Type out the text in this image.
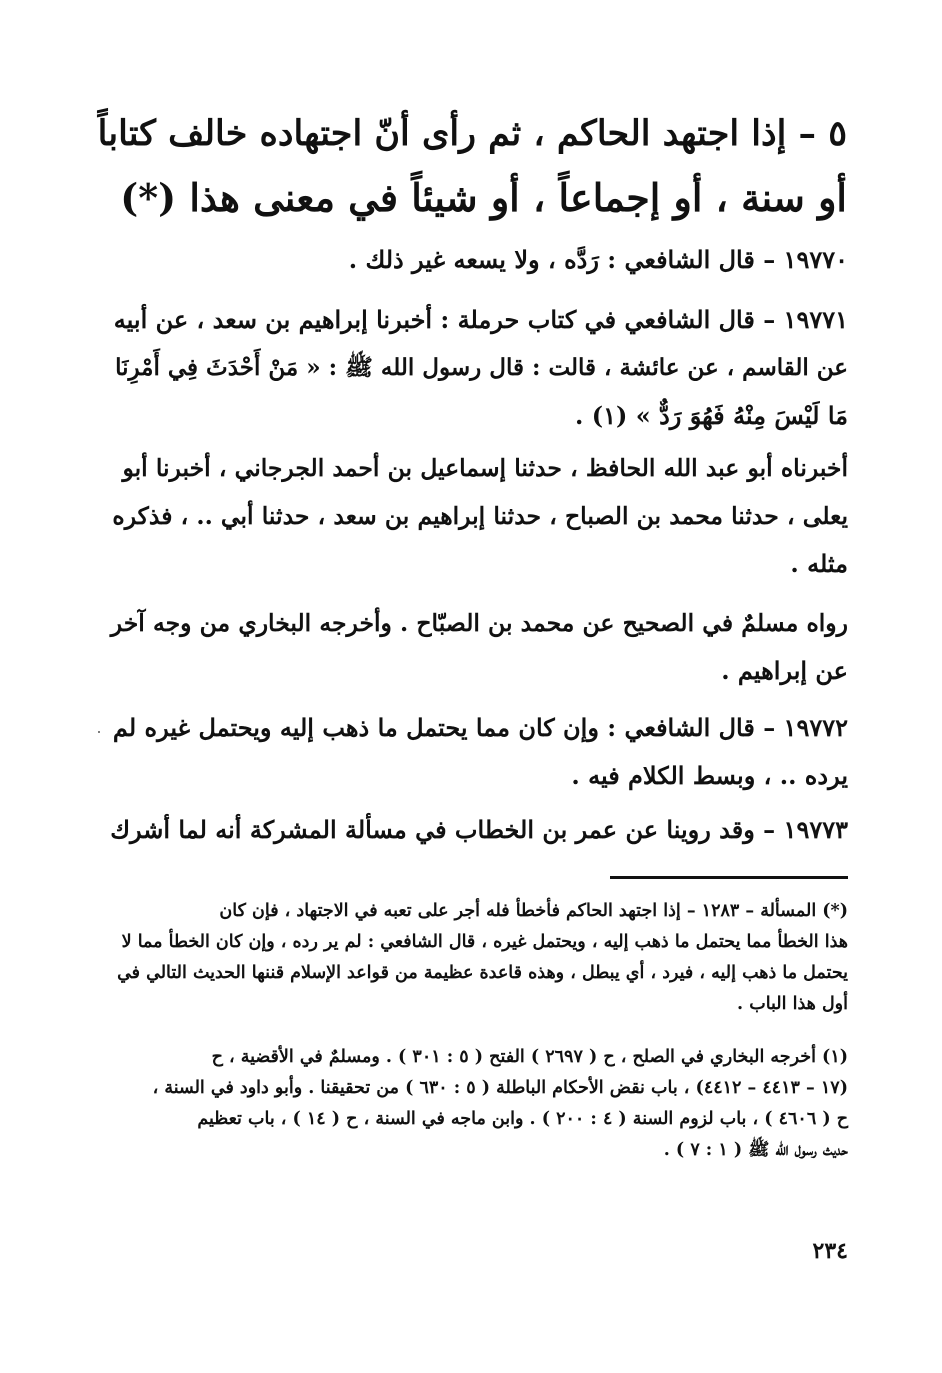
٥ – إذا اجتهد الحاكم ، ثم رأى أنّ اجتهاده خالف كتاباً
أو سنة ، أو إجماعاً ، أو شيئاً في معنى هذا (*)
١٩٧٧٠ – قال الشافعي : رَدَّه ، ولا يسعه غير ذلك .
١٩٧٧١ – قال الشافعي في كتاب حرملة : أخبرنا إبراهيم بن سعد ، عن أبيه
عن القاسم ، عن عائشة ، قالت : قال رسول الله ﷺ : « مَنْ أَحْدَثَ فِي أَمْرِنَا
مَا لَيْسَ مِنْهُ فَهُوَ رَدٌّ » (١) .
أخبرناه أبو عبد الله الحافظ ، حدثنا إسماعيل بن أحمد الجرجاني ، أخبرنا أبو
يعلى ، حدثنا محمد بن الصباح ، حدثنا إبراهيم بن سعد ، حدثنا أبي .. ، فذكره
مثله .
رواه مسلمٌ في الصحيح عن محمد بن الصبّاح . وأخرجه البخاري من وجه آخر
عن إبراهيم .
١٩٧٧٢ – قال الشافعي : وإن كان مما يحتمل ما ذهب إليه ويحتمل غيره لم
يرده .. ، وبسط الكلام فيه .
١٩٧٧٣ – وقد روينا عن عمر بن الخطاب في مسألة المشركة أنه لما أشرك
(*) المسألة – ١٢٨٣ – إذا اجتهد الحاكم فأخطأ فله أجر على تعبه في الاجتهاد ، فإن كان
هذا الخطأ مما يحتمل ما ذهب إليه ، ويحتمل غيره ، قال الشافعي : لم ير رده ، وإن كان الخطأ مما لا
يحتمل ما ذهب إليه ، فيرد ، أي يبطل ، وهذه قاعدة عظيمة من قواعد الإسلام قننها الحديث التالي في
أول هذا الباب .
(١) أخرجه البخاري في الصلح ، ح ( ٢٦٩٧ ) الفتح ( ٥ : ٣٠١ ) . ومسلمٌ في الأقضية ، ح
(١٧ – ٤٤١٣ – ٤٤١٢) ، باب نقض الأحكام الباطلة ( ٥ : ٦٣٠ ) من تحقيقنا . وأبو داود في السنة ،
ح ( ٤٦٠٦ ) ، باب لزوم السنة ( ٤ : ٢٠٠ ) . وابن ماجه في السنة ، ح ( ١٤ ) ، باب تعظيم
حديث رسول الله ﷺ ( ١ : ٧ ) .
٢٣٤
